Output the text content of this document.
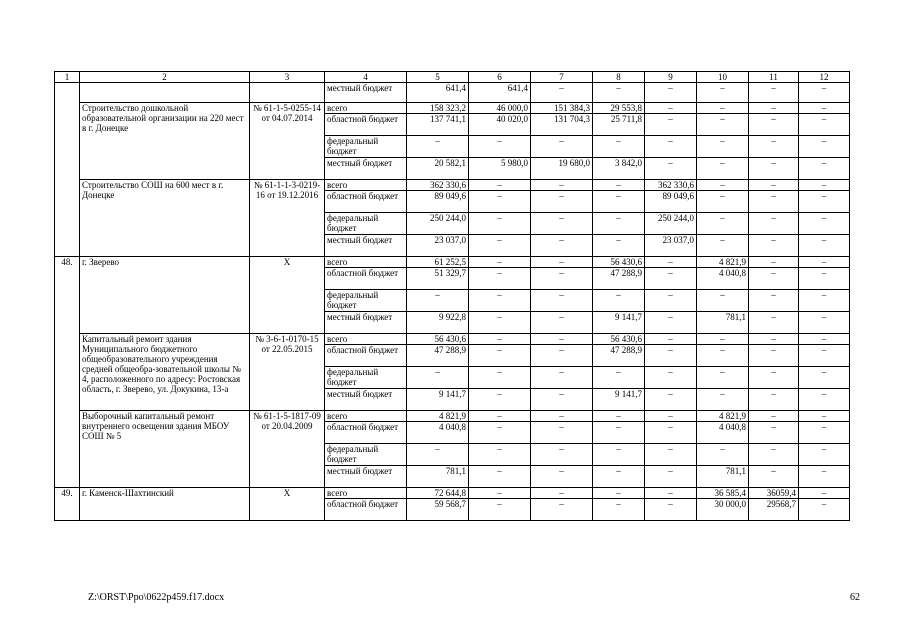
1	2	3	4	5	6	7	8	9	10	11	12
			местный бюджет	641,4	641,4	–	–	–	–	–	–
	Строительство дошкольной образовательной организации на 220 мест в г. Донецке	№ 61-1-5-0255-14 от 04.07.2014	всего	158 323,2	46 000,0	151 384,3	29 553,8	–	–	–	–
			областной бюджет	137 741,1	40 020,0	131 704,3	25 711,8	–	–	–	–
			федеральный бюджет	–	–	–	–	–	–	–	–
			местный бюджет	20 582,1	5 980,0	19 680,0	3 842,0	–	–	–	–
	Строительство СОШ на 600 мест в г. Донецке	№ 61-1-1-3-0219-16 от 19.12.2016	всего	362 330,6	–	–	–	362 330,6	–	–	–
			областной бюджет	89 049,6	–	–	–	89 049,6	–	–	–
			федеральный бюджет	250 244,0	–	–	–	250 244,0	–	–	–
			местный бюджет	23 037,0	–	–	–	23 037,0	–	–	–
48.	г. Зверево	Х	всего	61 252,5	–	–	56 430,6	–	4 821,9	–	–
			областной бюджет	51 329,7	–	–	47 288,9	–	4 040,8	–	–
			федеральный бюджет	–	–	–	–	–	–	–	–
			местный бюджет	9 922,8	–	–	9 141,7	–	781,1	–	–
	Капитальный ремонт здания Муниципального бюджетного общеобразовательного учреждения средней общеобра-зовательной школы № 4, расположенного по адресу: Ростовская область, г. Зверево, ул. Докукина, 13-а	№ 3-6-1-0170-15 от 22.05.2015	всего	56 430,6	–	–	56 430,6	–	–	–	–
			областной бюджет	47 288,9	–	–	47 288,9	–	–	–	–
			федеральный бюджет	–	–	–	–	–	–	–	–
			местный бюджет	9 141,7	–	–	9 141,7	–	–	–	–
	Выборочный капитальный ремонт внутреннего освещения здания МБОУ СОШ № 5	№ 61-1-5-1817-09 от 20.04.2009	всего	4 821,9	–	–	–	–	4 821,9	–	–
			областной бюджет	4 040,8	–	–	–	–	4 040,8	–	–
			федеральный бюджет	–	–	–	–	–	–	–	–
			местный бюджет	781,1	–	–	–	–	781,1	–	–
49.	г. Каменск-Шахтинский	Х	всего	72 644,8	–	–	–	–	36 585,4	36059,4	–
			областной бюджет	59 568,7	–	–	–	–	30 000,0	29568,7	–
Z:\ORST\Ppo\0622p459.f17.docx	62
